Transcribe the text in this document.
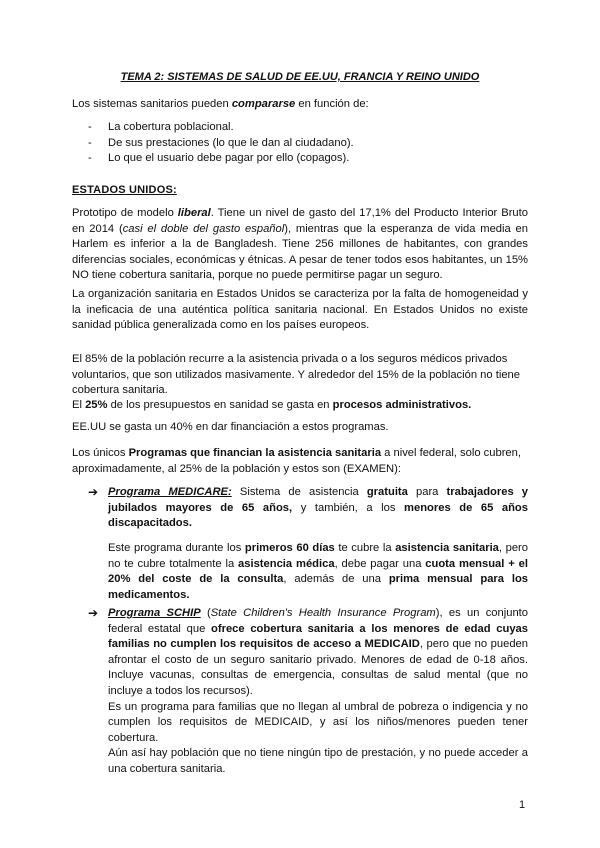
TEMA 2: SISTEMAS DE SALUD DE EE.UU, FRANCIA Y REINO UNIDO

Los sistemas sanitarios pueden compararse en función de:

- La cobertura poblacional.
- De sus prestaciones (lo que le dan al ciudadano).
- Lo que el usuario debe pagar por ello (copagos).
ESTADOS UNIDOS:

Prototipo de modelo liberal. Tiene un nivel de gasto del 17,1% del Producto Interior Bruto en 2014 (casi el doble del gasto español), mientras que la esperanza de vida media en Harlem es inferior a la de Bangladesh. Tiene 256 millones de habitantes, con grandes diferencias sociales, económicas y étnicas. A pesar de tener todos esos habitantes, un 15% NO tiene cobertura sanitaria, porque no puede permitirse pagar un seguro.

La organización sanitaria en Estados Unidos se caracteriza por la falta de homogeneidad y la ineficacia de una auténtica política sanitaria nacional. En Estados Unidos no existe sanidad pública generalizada como en los países europeos.

El 85% de la población recurre a la asistencia privada o a los seguros médicos privados voluntarios, que son utilizados masivamente. Y alrededor del 15% de la población no tiene cobertura sanitaria.

El 25% de los presupuestos en sanidad se gasta en procesos administrativos.

EE.UU se gasta un 40% en dar financiación a estos programas.

Los únicos Programas que financian la asistencia sanitaria a nivel federal, solo cubren, aproximadamente, al 25% de la población y estos son (EXAMEN):

➔ Programa MEDICARE: Sistema de asistencia gratuita para trabajadores y jubilados mayores de 65 años, y también, a los menores de 65 años discapacitados.

Este programa durante los primeros 60 días te cubre la asistencia sanitaria, pero no te cubre totalmente la asistencia médica, debe pagar una cuota mensual + el 20% del coste de la consulta, además de una prima mensual para los medicamentos.

➔ Programa SCHIP (State Children's Health Insurance Program), es un conjunto federal estatal que ofrece cobertura sanitaria a los menores de edad cuyas familias no cumplen los requisitos de acceso a MEDICAID, pero que no pueden afrontar el costo de un seguro sanitario privado. Menores de edad de 0-18 años. Incluye vacunas, consultas de emergencia, consultas de salud mental (que no incluye a todos los recursos).
Es un programa para familias que no llegan al umbral de pobreza o indigencia y no cumplen los requisitos de MEDICAID, y así los niños/menores pueden tener cobertura.
Aún así hay población que no tiene ningún tipo de prestación, y no puede acceder a una cobertura sanitaria.
1
